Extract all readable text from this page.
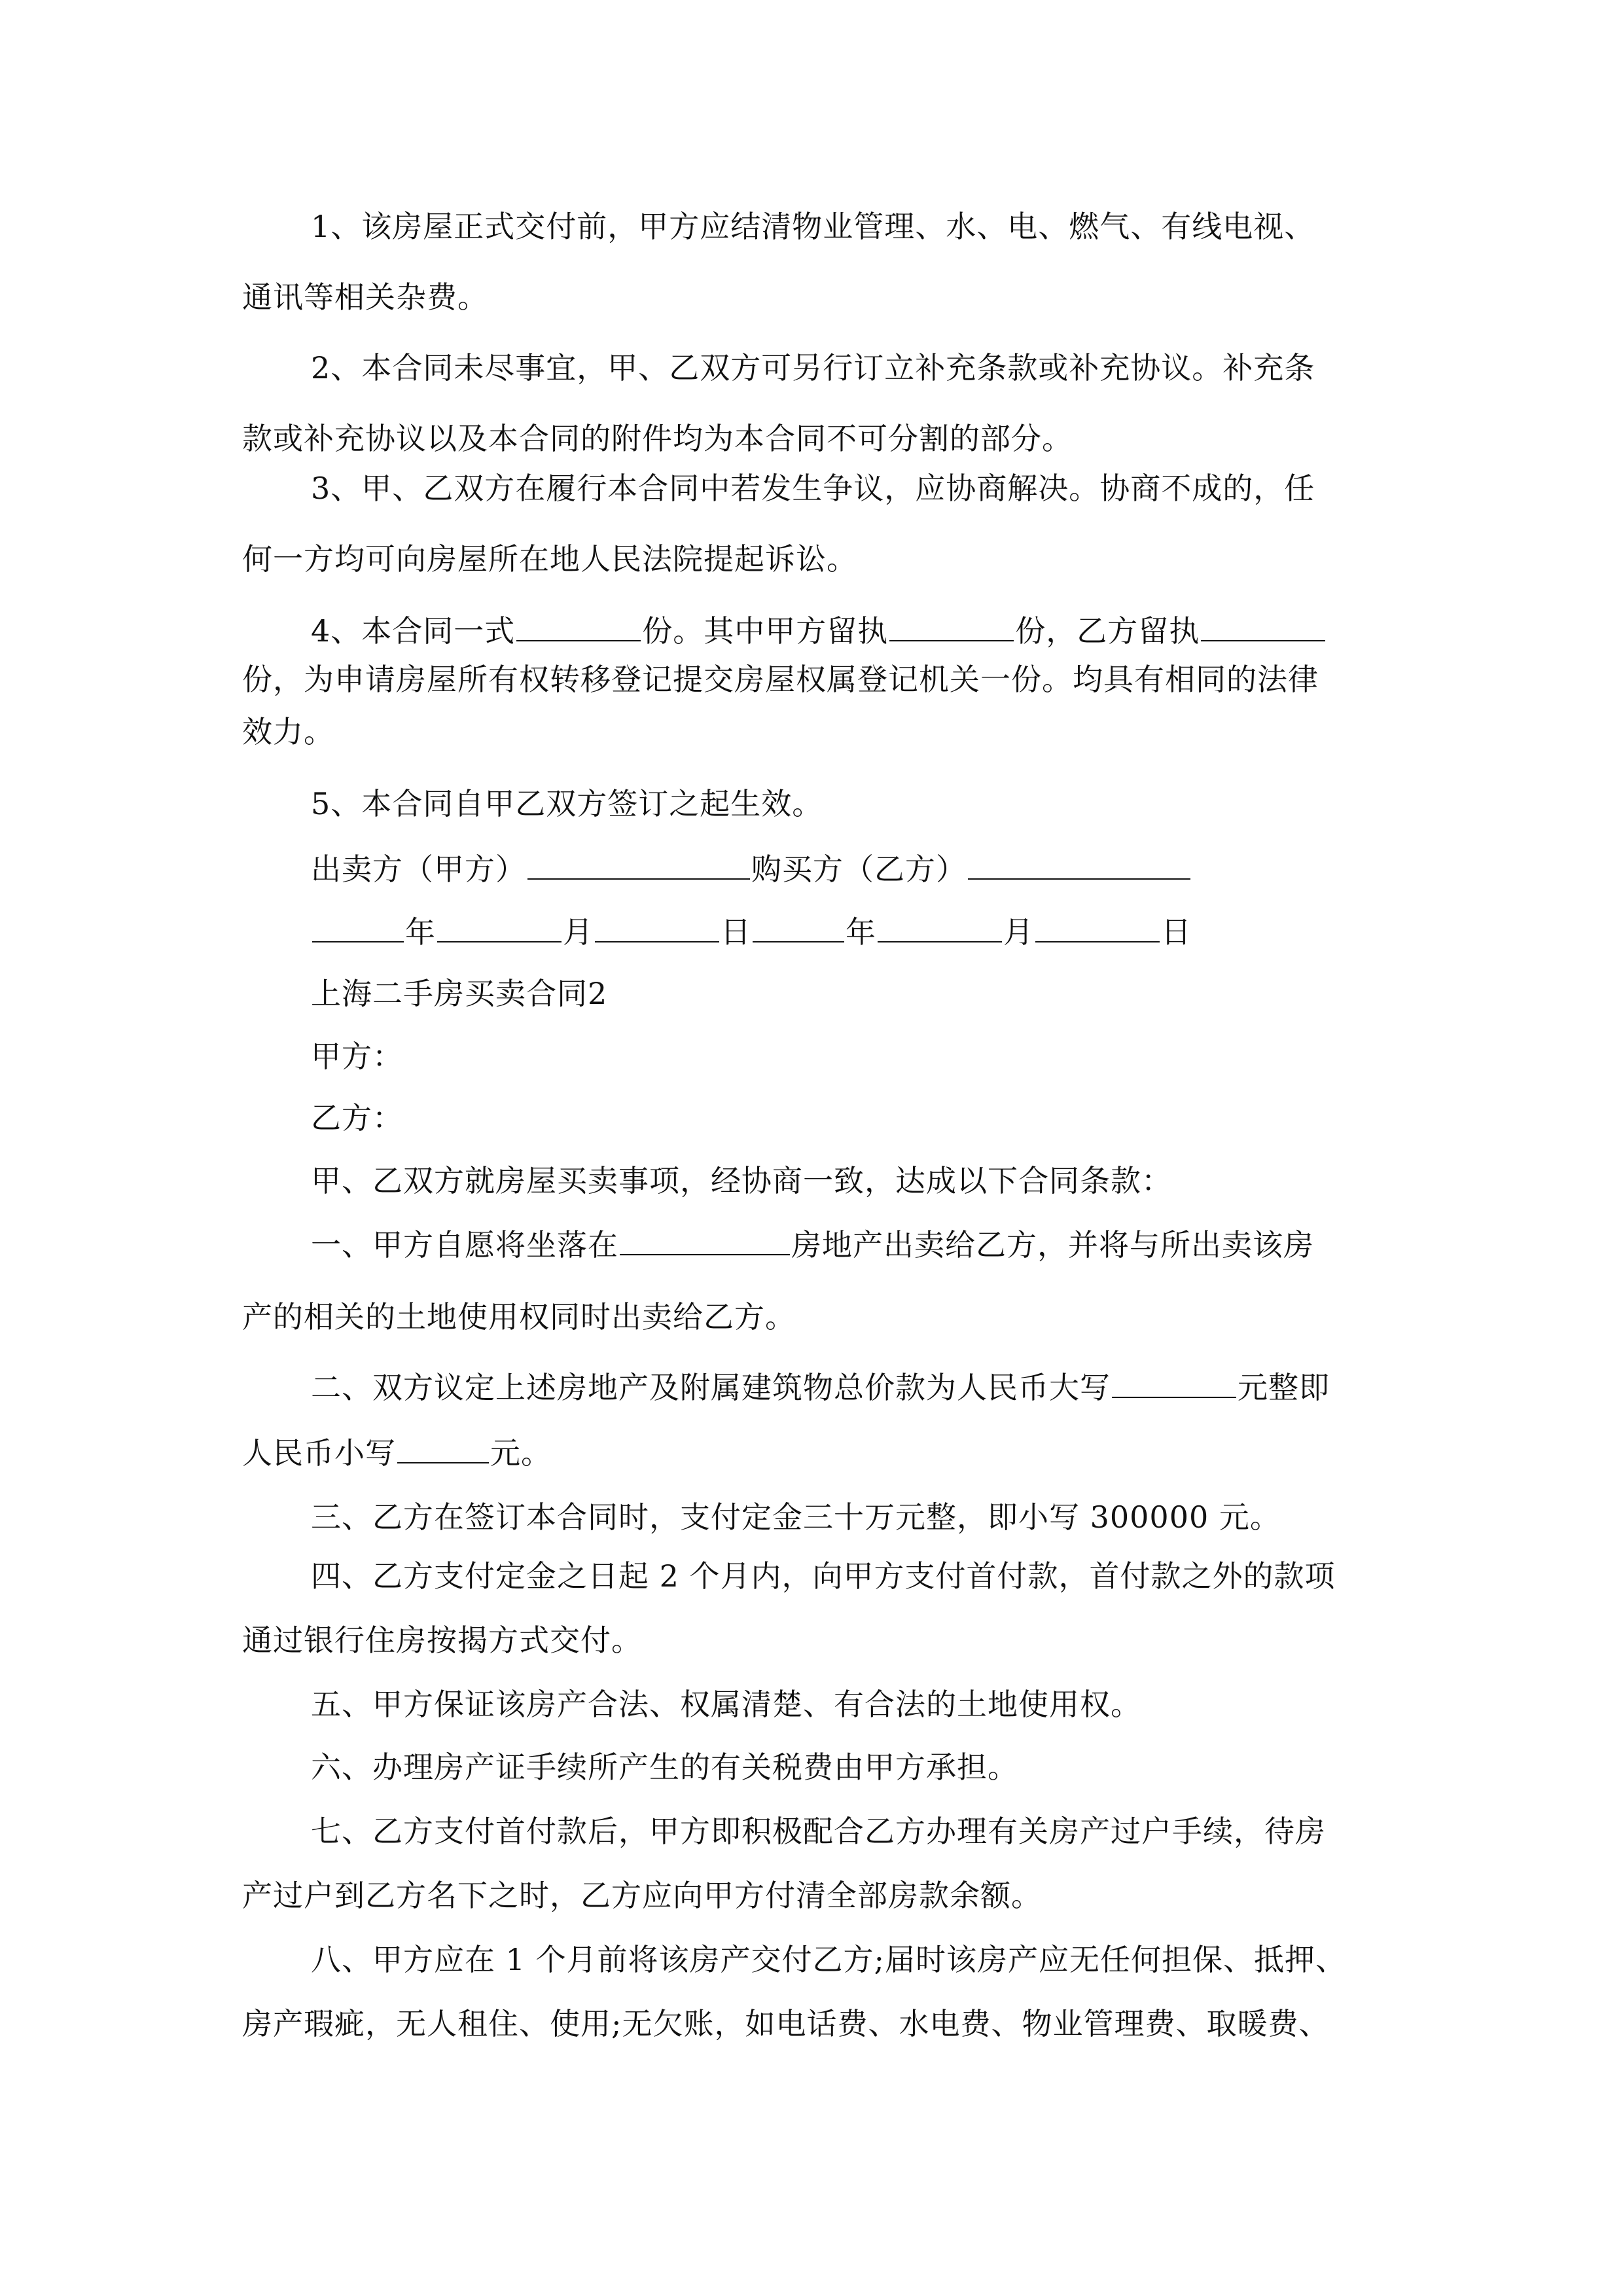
1、该房屋正式交付前，甲方应结清物业管理、水、电、燃气、有线电视、
通讯等相关杂费。
2、本合同未尽事宜，甲、乙双方可另行订立补充条款或补充协议。补充条
款或补充协议以及本合同的附件均为本合同不可分割的部分。
3、甲、乙双方在履行本合同中若发生争议，应协商解决。协商不成的，任
何一方均可向房屋所在地人民法院提起诉讼。
4、本合同一式	份。其中甲方留执	份，乙方留执
份，为申请房屋所有权转移登记提交房屋权属登记机关一份。均具有相同的法律
效力。
5、本合同自甲乙双方签订之起生效。
出卖方（甲方）	购买方（乙方）
年	月	日	年	月	日
上海二手房买卖合同2
甲方：
乙方：
甲、乙双方就房屋买卖事项，经协商一致，达成以下合同条款：
一、甲方自愿将坐落在	房地产出卖给乙方，并将与所出卖该房
产的相关的土地使用权同时出卖给乙方。
二、双方议定上述房地产及附属建筑物总价款为人民币大写	元整即
人民币小写	元。
三、乙方在签订本合同时，支付定金三十万元整，即小写 300000 元。
四、乙方支付定金之日起 2 个月内，向甲方支付首付款，首付款之外的款项
通过银行住房按揭方式交付。
五、甲方保证该房产合法、权属清楚、有合法的土地使用权。
六、办理房产证手续所产生的有关税费由甲方承担。
七、乙方支付首付款后，甲方即积极配合乙方办理有关房产过户手续，待房
产过户到乙方名下之时，乙方应向甲方付清全部房款余额。
八、甲方应在 1 个月前将该房产交付乙方;届时该房产应无任何担保、抵押、
房产瑕疵，无人租住、使用;无欠账，如电话费、水电费、物业管理费、取暖费、
